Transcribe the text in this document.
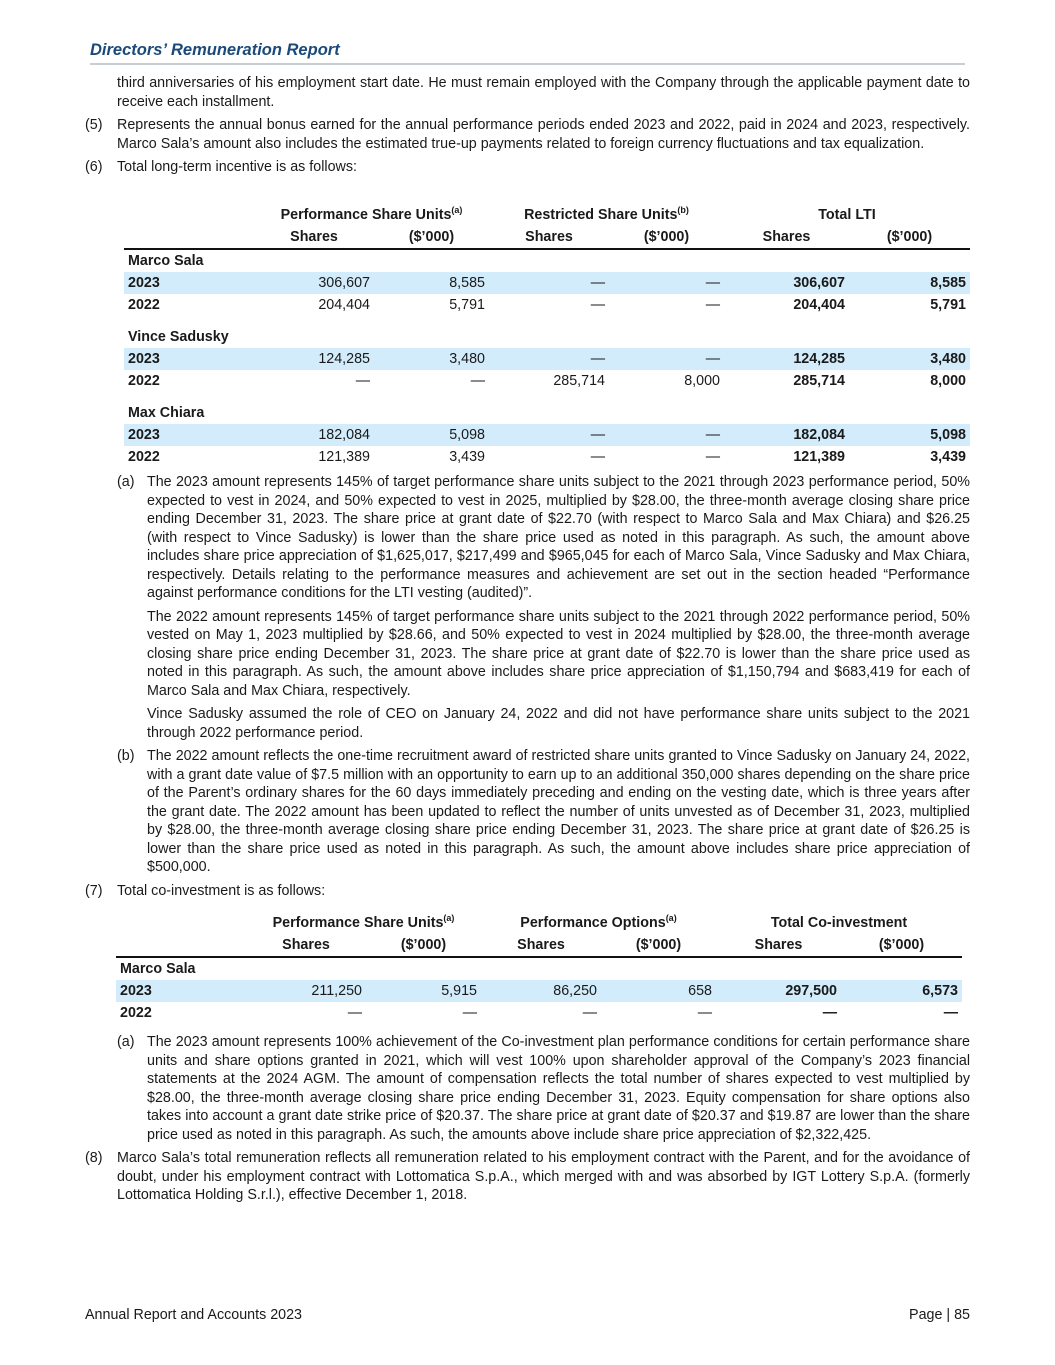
Directors’ Remuneration Report
third anniversaries of his employment start date. He must remain employed with the Company through the applicable payment date to receive each installment.
(5)	Represents the annual bonus earned for the annual performance periods ended 2023 and 2022, paid in 2024 and 2023, respectively. Marco Sala’s amount also includes the estimated true-up payments related to foreign currency fluctuations and tax equalization.
(6)	Total long-term incentive is as follows:
	Performance Share Units$^{(a)}$		Restricted Share Units$^{(b)}$		Total LTI	
	Shares	($’000)	Shares	($’000)	Shares	($’000)
Marco Sala						
2023	306,607	8,585	—	—	306,607	8,585
2022	204,404	5,791	—	—	204,404	5,791

Vince Sadusky						
2023	124,285	3,480	—	—	124,285	3,480
2022	—	—	285,714	8,000	285,714	8,000

Max Chiara						
2023	182,084	5,098	—	—	182,084	5,098
2022	121,389	3,439	—	—	121,389	3,439
(a) The 2023 amount represents 145% of target performance share units subject to the 2021 through 2023 performance period, 50% expected to vest in 2024, and 50% expected to vest in 2025, multiplied by $28.00, the three-month average closing share price ending December 31, 2023. The share price at grant date of $22.70 (with respect to Marco Sala and Max Chiara) and $26.25 (with respect to Vince Sadusky) is lower than the share price used as noted in this paragraph. As such, the amount above includes share price appreciation of $1,625,017, $217,499 and $965,045 for each of Marco Sala, Vince Sadusky and Max Chiara, respectively. Details relating to the performance measures and achievement are set out in the section headed “Performance against performance conditions for the LTI vesting (audited)”.
The 2022 amount represents 145% of target performance share units subject to the 2021 through 2022 performance period, 50% vested on May 1, 2023 multiplied by $28.66, and 50% expected to vest in 2024 multiplied by $28.00, the three-month average closing share price ending December 31, 2023. The share price at grant date of $22.70 is lower than the share price used as noted in this paragraph. As such, the amount above includes share price appreciation of $1,150,794 and $683,419 for each of Marco Sala and Max Chiara, respectively.
Vince Sadusky assumed the role of CEO on January 24, 2022 and did not have performance share units subject to the 2021 through 2022 performance period.
(b) The 2022 amount reflects the one-time recruitment award of restricted share units granted to Vince Sadusky on January 24, 2022, with a grant date value of $7.5 million with an opportunity to earn up to an additional 350,000 shares depending on the share price of the Parent’s ordinary shares for the 60 days immediately preceding and ending on the vesting date, which is three years after the grant date. The 2022 amount has been updated to reflect the number of units unvested as of December 31, 2023, multiplied by $28.00, the three-month average closing share price ending December 31, 2023. The share price at grant date of $26.25 is lower than the share price used as noted in this paragraph. As such, the amount above includes share price appreciation of $500,000.
(7)	Total co-investment is as follows:
	Performance Share Units$^{(a)}$		Performance Options$^{(a)}$		Total Co-investment	
	Shares	($’000)	Shares	($’000)	Shares	($’000)
Marco Sala						
2023	211,250	5,915	86,250	658	297,500	6,573
2022	—	—	—	—	—	—
(a) The 2023 amount represents 100% achievement of the Co-investment plan performance conditions for certain performance share units and share options granted in 2021, which will vest 100% upon shareholder approval of the Company’s 2023 financial statements at the 2024 AGM. The amount of compensation reflects the total number of shares expected to vest multiplied by $28.00, the three-month average closing share price ending December 31, 2023. Equity compensation for share options also takes into account a grant date strike price of $20.37. The share price at grant date of $20.37 and $19.87 are lower than the share price used as noted in this paragraph. As such, the amounts above include share price appreciation of $2,322,425.
(8)	Marco Sala’s total remuneration reflects all remuneration related to his employment contract with the Parent, and for the avoidance of doubt, under his employment contract with Lottomatica S.p.A., which merged with and was absorbed by IGT Lottery S.p.A. (formerly Lottomatica Holding S.r.l.), effective December 1, 2018.
Annual Report and Accounts 2023	Page | 85
